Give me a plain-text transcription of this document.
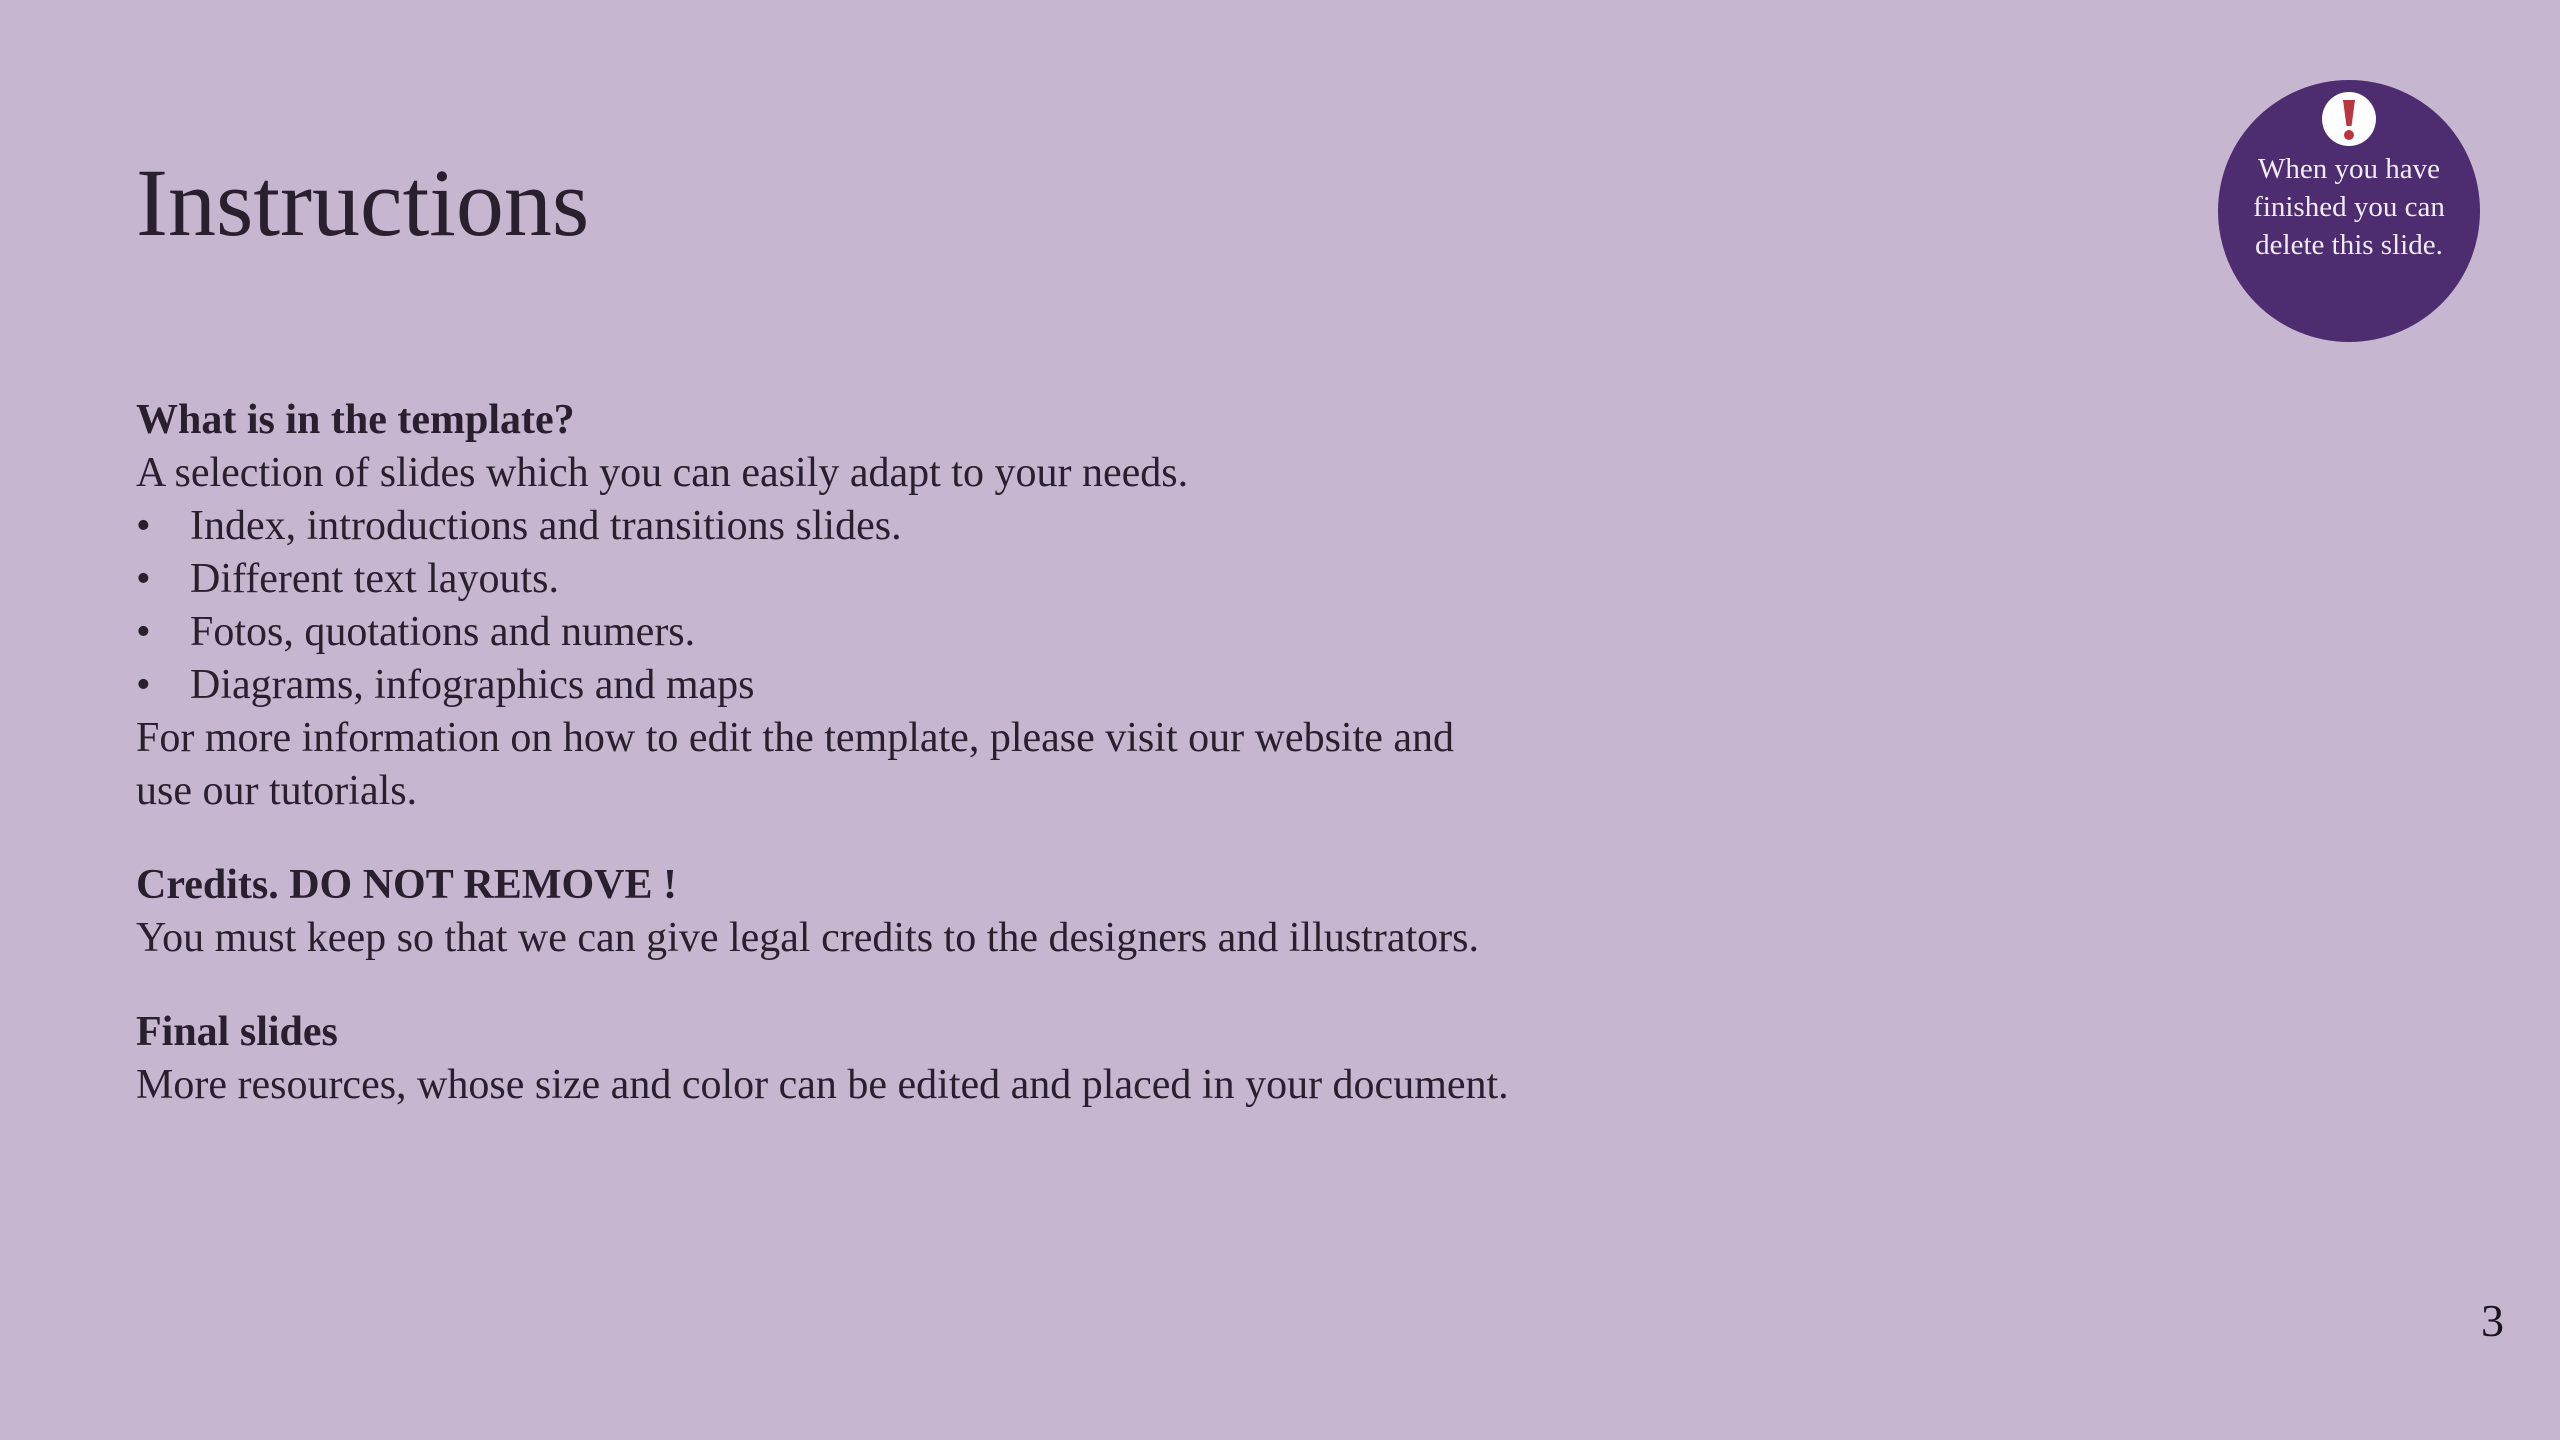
Instructions	When you have finished you can delete this slide.
What is in the template?

A selection of slides which you can easily adapt to your needs.

• Index, introductions and transitions slides.
• Different text layouts.
• Fotos, quotations and numers.
• Diagrams, infographics and maps

For more information on how to edit the template, please visit our website and use our tutorials.

Credits. DO NOT REMOVE !

You must keep so that we can give legal credits to the designers and illustrators.

Final slides

More resources, whose size and color can be edited and placed in your document.

3
